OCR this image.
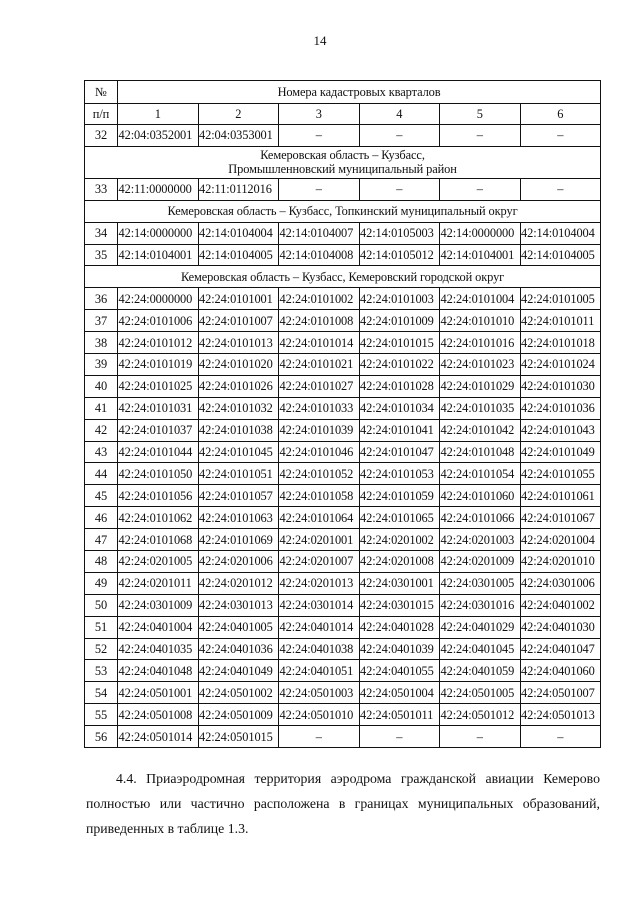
14
№	Номера кадастровых кварталов					
п/п	1	2	3	4	5	6
32	42:04:0352001	42:04:0353001	–	–	–	–
Кемеровская область – Кузбасс,
Промышленновский муниципальный район						
33	42:11:0000000	42:11:0112016	–	–	–	–
Кемеровская область – Кузбасс, Топкинский муниципальный округ						
34	42:14:0000000	42:14:0104004	42:14:0104007	42:14:0105003	42:14:0000000	42:14:0104004
35	42:14:0104001	42:14:0104005	42:14:0104008	42:14:0105012	42:14:0104001	42:14:0104005
Кемеровская область – Кузбасс, Кемеровский городской округ						
36	42:24:0000000	42:24:0101001	42:24:0101002	42:24:0101003	42:24:0101004	42:24:0101005
37	42:24:0101006	42:24:0101007	42:24:0101008	42:24:0101009	42:24:0101010	42:24:0101011
38	42:24:0101012	42:24:0101013	42:24:0101014	42:24:0101015	42:24:0101016	42:24:0101018
39	42:24:0101019	42:24:0101020	42:24:0101021	42:24:0101022	42:24:0101023	42:24:0101024
40	42:24:0101025	42:24:0101026	42:24:0101027	42:24:0101028	42:24:0101029	42:24:0101030
41	42:24:0101031	42:24:0101032	42:24:0101033	42:24:0101034	42:24:0101035	42:24:0101036
42	42:24:0101037	42:24:0101038	42:24:0101039	42:24:0101041	42:24:0101042	42:24:0101043
43	42:24:0101044	42:24:0101045	42:24:0101046	42:24:0101047	42:24:0101048	42:24:0101049
44	42:24:0101050	42:24:0101051	42:24:0101052	42:24:0101053	42:24:0101054	42:24:0101055
45	42:24:0101056	42:24:0101057	42:24:0101058	42:24:0101059	42:24:0101060	42:24:0101061
46	42:24:0101062	42:24:0101063	42:24:0101064	42:24:0101065	42:24:0101066	42:24:0101067
47	42:24:0101068	42:24:0101069	42:24:0201001	42:24:0201002	42:24:0201003	42:24:0201004
48	42:24:0201005	42:24:0201006	42:24:0201007	42:24:0201008	42:24:0201009	42:24:0201010
49	42:24:0201011	42:24:0201012	42:24:0201013	42:24:0301001	42:24:0301005	42:24:0301006
50	42:24:0301009	42:24:0301013	42:24:0301014	42:24:0301015	42:24:0301016	42:24:0401002
51	42:24:0401004	42:24:0401005	42:24:0401014	42:24:0401028	42:24:0401029	42:24:0401030
52	42:24:0401035	42:24:0401036	42:24:0401038	42:24:0401039	42:24:0401045	42:24:0401047
53	42:24:0401048	42:24:0401049	42:24:0401051	42:24:0401055	42:24:0401059	42:24:0401060
54	42:24:0501001	42:24:0501002	42:24:0501003	42:24:0501004	42:24:0501005	42:24:0501007
55	42:24:0501008	42:24:0501009	42:24:0501010	42:24:0501011	42:24:0501012	42:24:0501013
56	42:24:0501014	42:24:0501015	–	–	–	–

4.4. Приаэродромная территория аэродрома гражданской авиации Кемерово полностью или частично расположена в границах муниципальных образований, приведенных в таблице 1.3.
